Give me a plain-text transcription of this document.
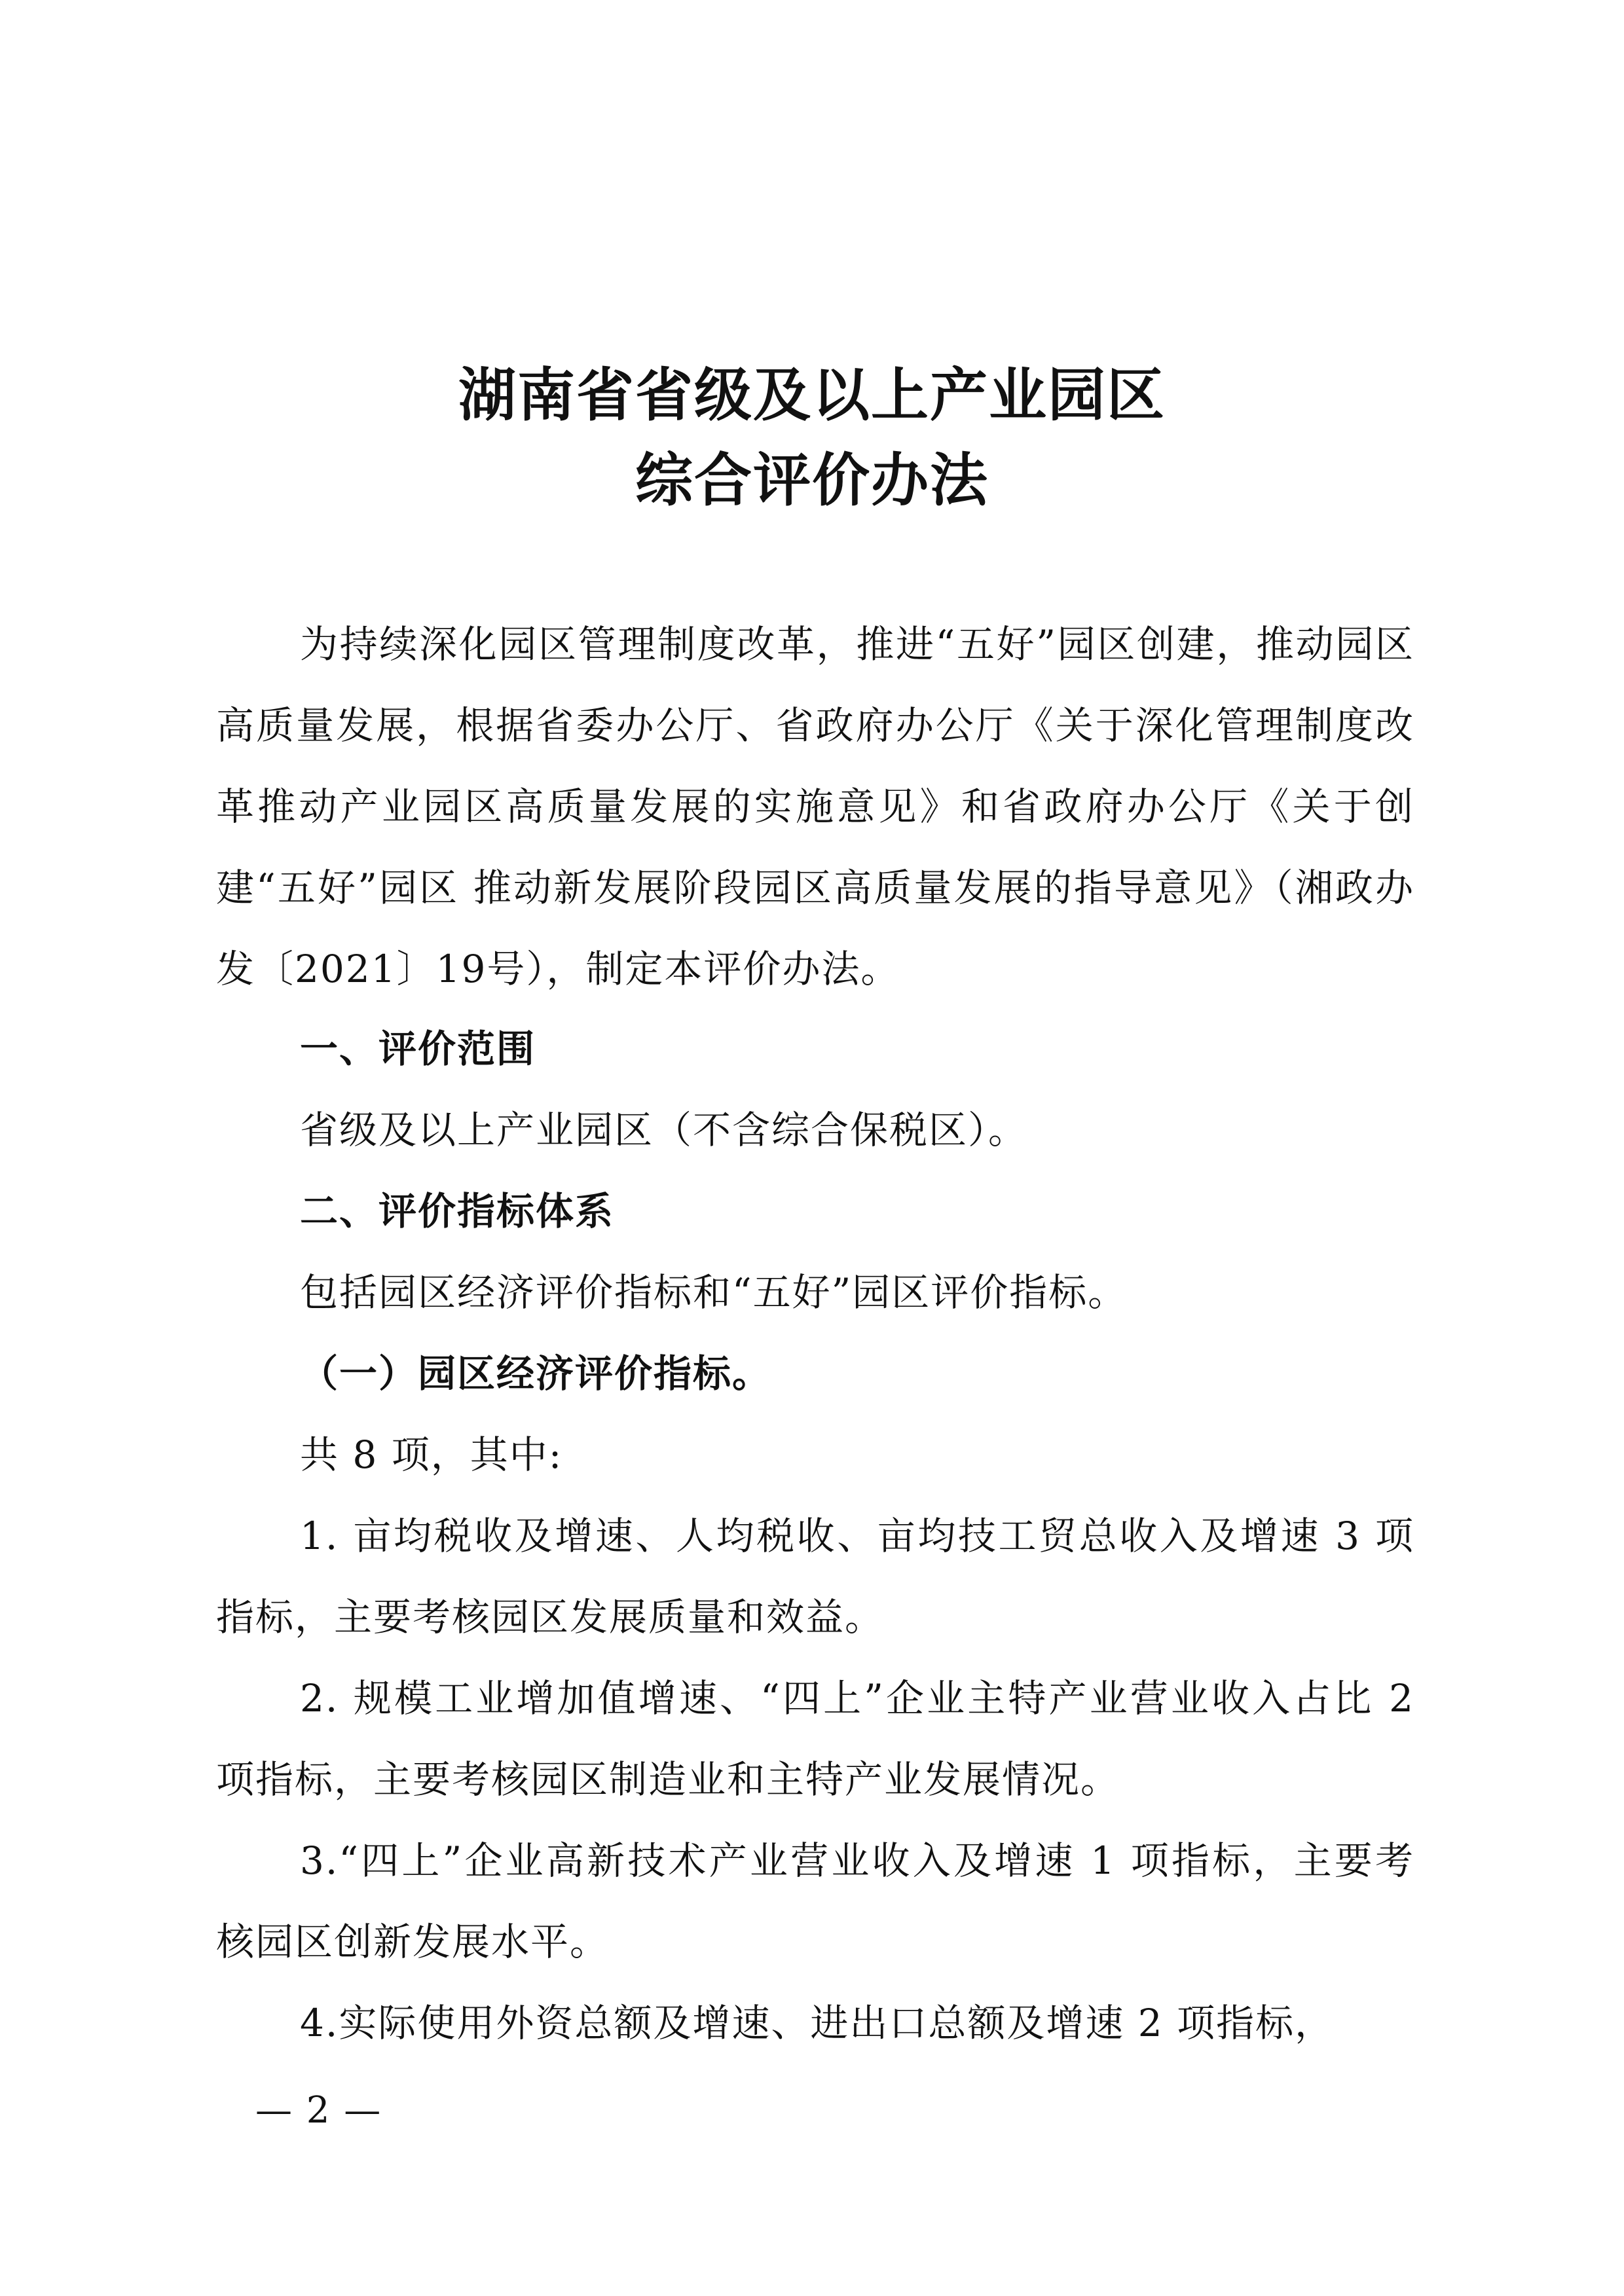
湖南省省级及以上产业园区
综合评价办法

为持续深化园区管理制度改革，推进“五好”园区创建，推动园区高质量发展，根据省委办公厅、省政府办公厅《关于深化管理制度改革推动产业园区高质量发展的实施意见》和省政府办公厅《关于创建“五好”园区 推动新发展阶段园区高质量发展的指导意见》（湘政办发〔2021〕19号），制定本评价办法。

一、评价范围

省级及以上产业园区（不含综合保税区）。

二、评价指标体系

包括园区经济评价指标和“五好”园区评价指标。

（一）园区经济评价指标。

共 8 项，其中:

1. 亩均税收及增速、人均税收、亩均技工贸总收入及增速 3 项指标，主要考核园区发展质量和效益。

2. 规模工业增加值增速、“四上”企业主特产业营业收入占比 2 项指标，主要考核园区制造业和主特产业发展情况。

3.“四上”企业高新技术产业营业收入及增速 1 项指标，主要考核园区创新发展水平。

4.实际使用外资总额及增速、进出口总额及增速 2 项指标，

— 2 —
